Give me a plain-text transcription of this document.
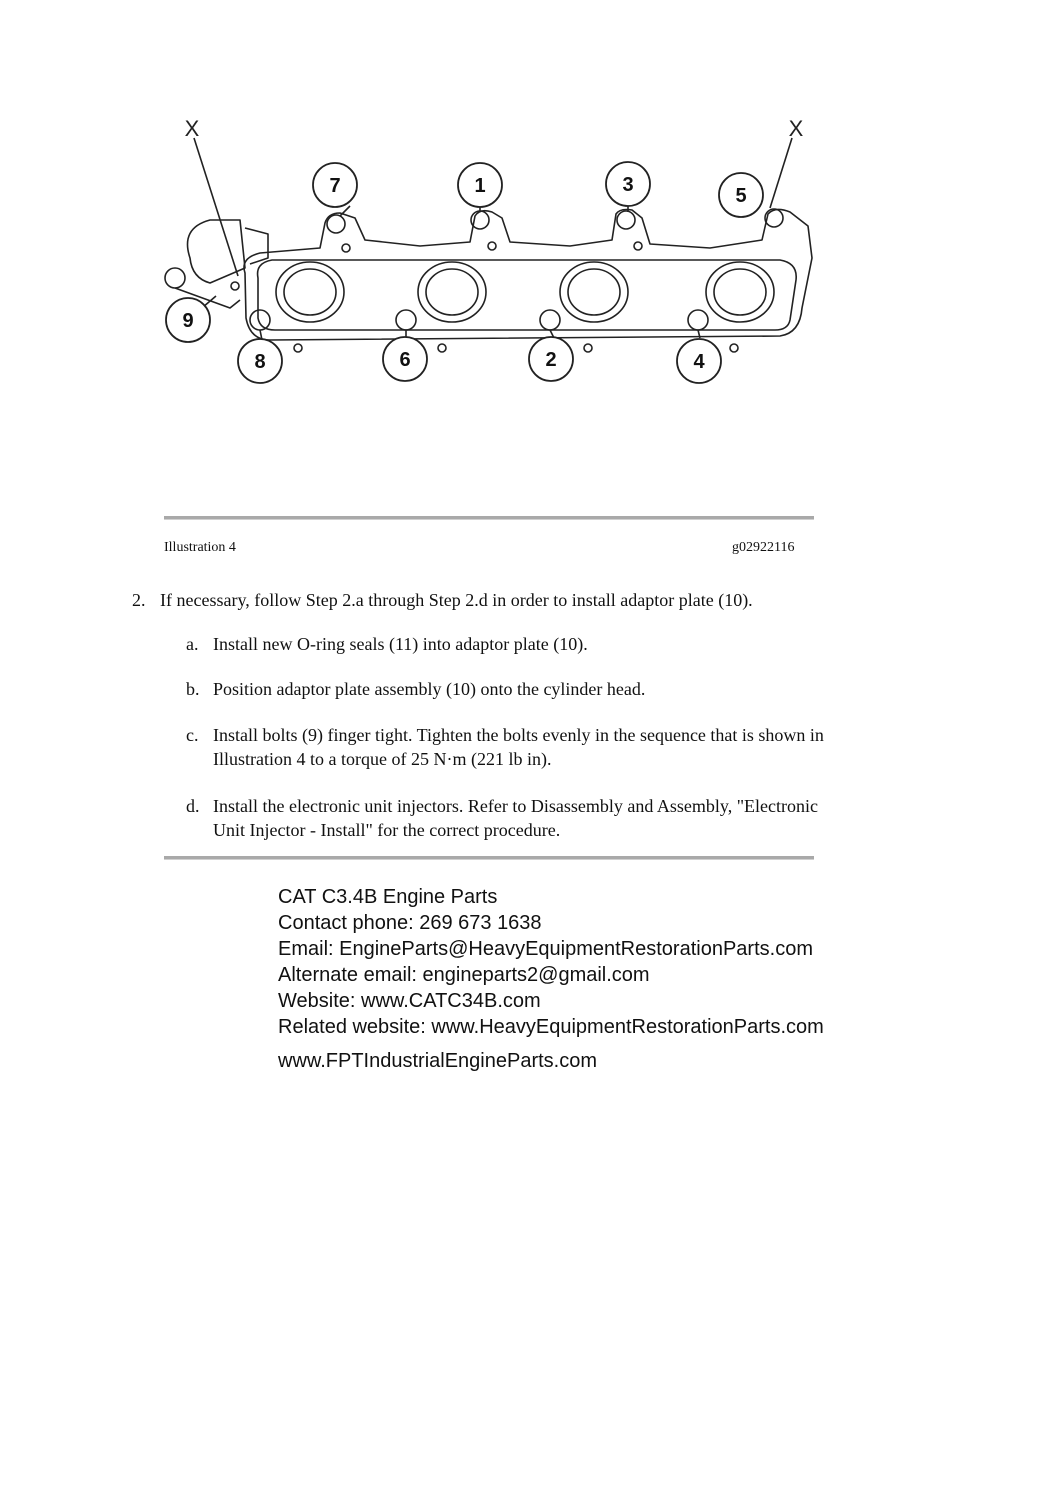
X	X
7	1	3	5
9
8	6	2	4
Illustration 4	g02922116
2. If necessary, follow Step 2.a through Step 2.d in order to install adaptor plate (10).
a. Install new O-ring seals (11) into adaptor plate (10).
b. Position adaptor plate assembly (10) onto the cylinder head.
c. Install bolts (9) finger tight. Tighten the bolts evenly in the sequence that is shown in
Illustration 4 to a torque of 25 N·m (221 lb in).
d. Install the electronic unit injectors. Refer to Disassembly and Assembly, "Electronic
Unit Injector - Install" for the correct procedure.
CAT C3.4B Engine Parts
Contact phone: 269 673 1638
Email: EngineParts@HeavyEquipmentRestorationParts.com
Alternate email: engineparts2@gmail.com
Website: www.CATC34B.com
Related website: www.HeavyEquipmentRestorationParts.com
www.FPTIndustrialEngineParts.com
